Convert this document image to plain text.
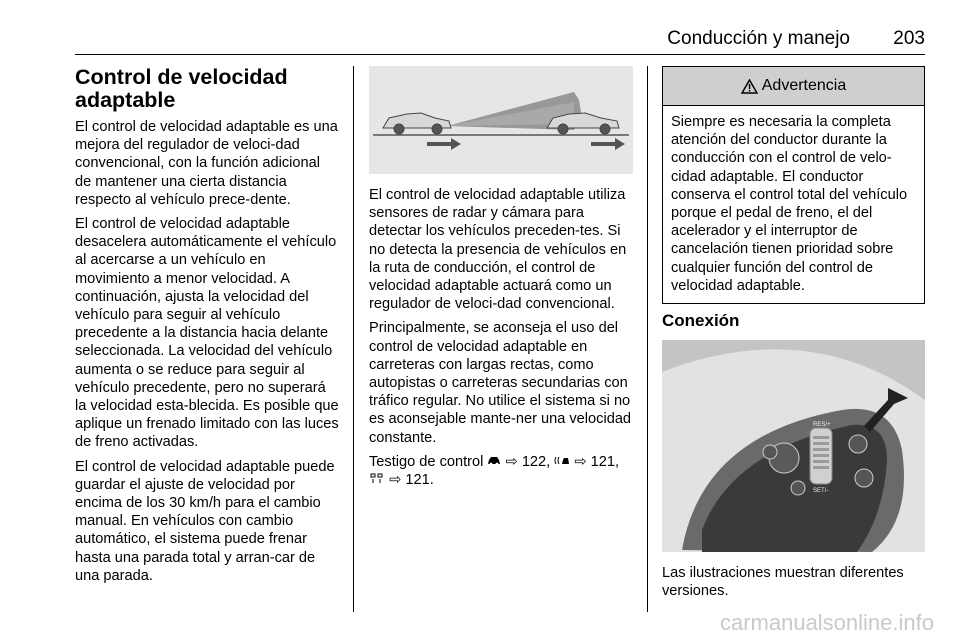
Conducción y manejo 203
Control de velocidad adaptable

El control de velocidad adaptable es una mejora del regulador de veloci-dad convencional, con la función adicional de mantener una cierta distancia respecto al vehículo prece-dente.

El control de velocidad adaptable desacelera automáticamente el vehículo al acercarse a un vehículo en movimiento a menor velocidad. A continuación, ajusta la velocidad del vehículo para seguir al vehículo precedente a la distancia hacia delante seleccionada. La velocidad del vehículo aumenta o se reduce para seguir al vehículo precedente, pero no superará la velocidad esta-blecida. Es posible que aplique un frenado limitado con las luces de freno activadas.

El control de velocidad adaptable puede guardar el ajuste de velocidad por encima de los 30 km/h para el cambio manual. En vehículos con cambio automático, el sistema puede frenar hasta una parada total y arran-car de una parada.

El control de velocidad adaptable utiliza sensores de radar y cámara para detectar los vehículos preceden-tes. Si no detecta la presencia de vehículos en la ruta de conducción, el control de velocidad adaptable actuará como un regulador de veloci-dad convencional.

Principalmente, se aconseja el uso del control de velocidad adaptable en carreteras con largas rectas, como autopistas o carreteras secundarias con tráfico regular. No utilice el sistema si no es aconsejable mante-ner una velocidad constante.

Testigo de control ⇨ 122, ⇨ 121,
⇨ 121.

Advertencia
Siempre es necesaria la completa atención del conductor durante la conducción con el control de velo-cidad adaptable. El conductor conserva el control total del vehículo porque el pedal de freno, el del acelerador y el interruptor de cancelación tienen prioridad sobre cualquier función del control de velocidad adaptable.
Conexión
RES/+
SET/-
Las ilustraciones muestran diferentes versiones.
carmanualsonline.info
